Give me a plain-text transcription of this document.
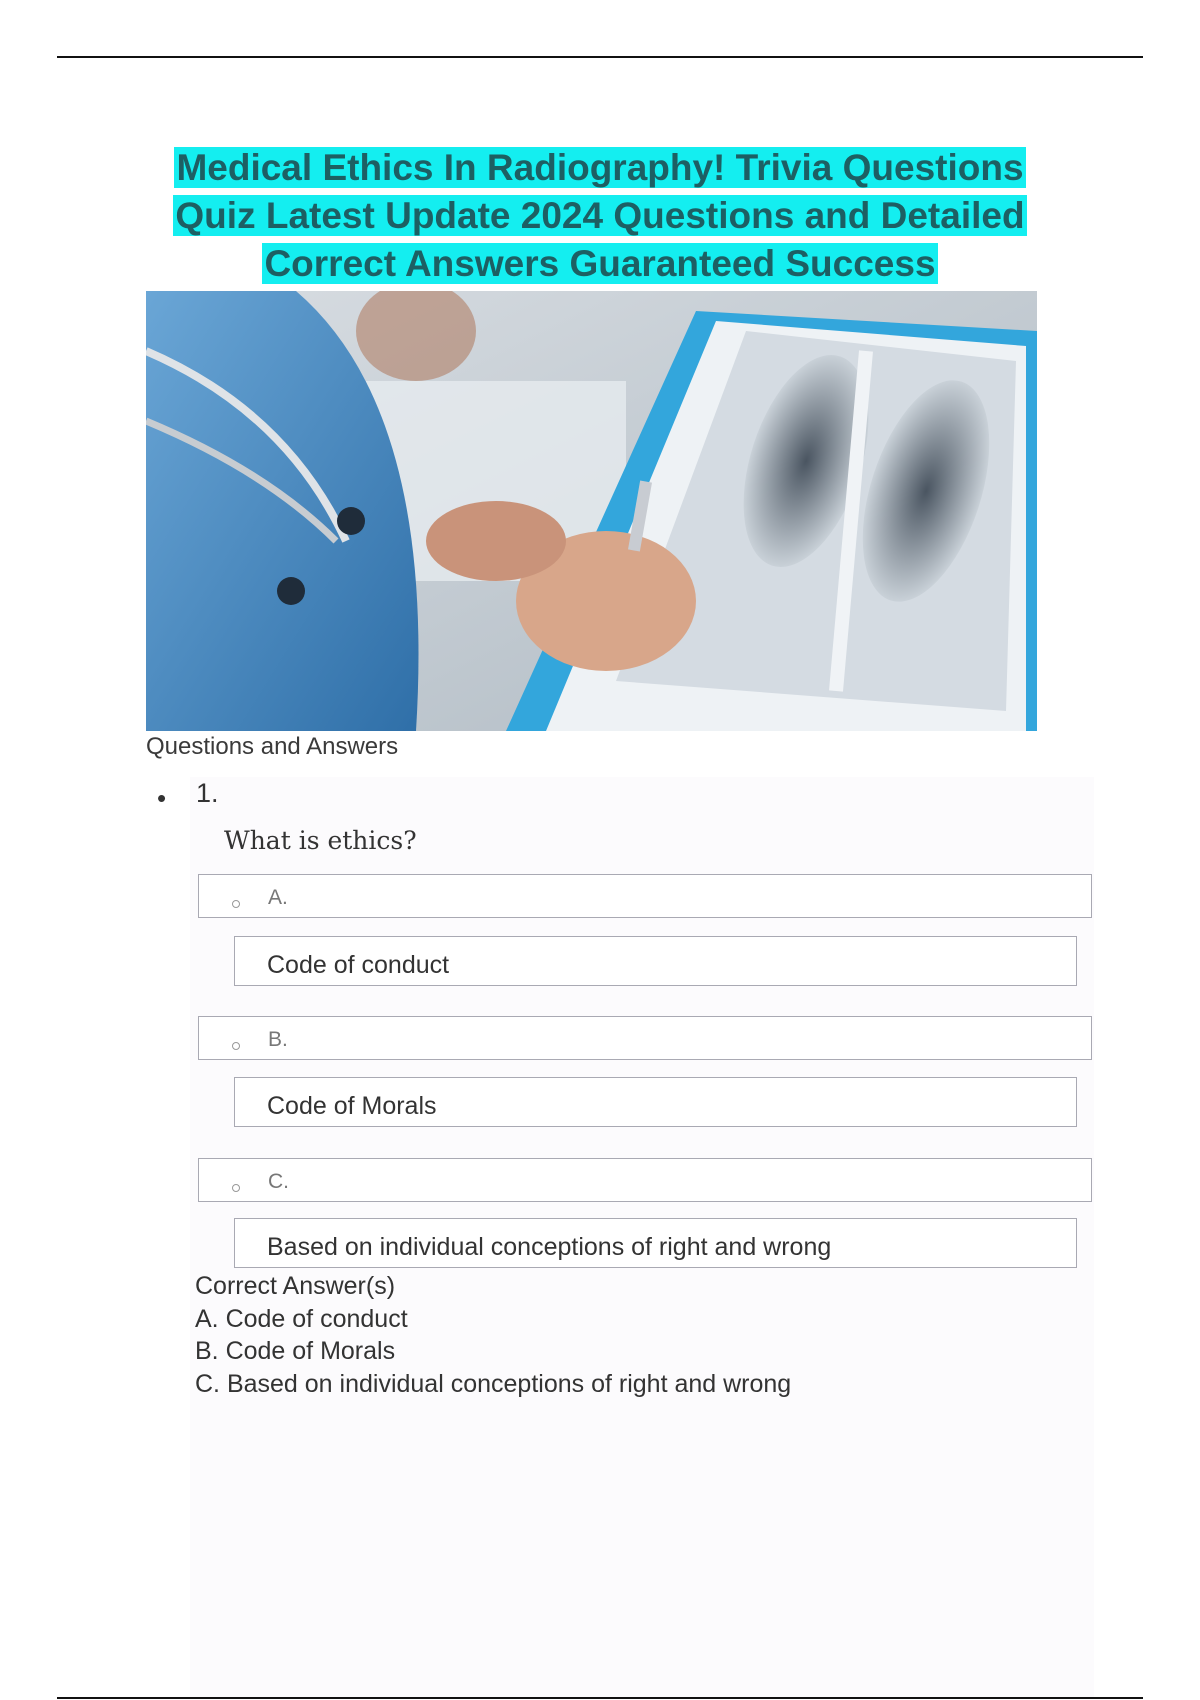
Medical Ethics In Radiography! Trivia Questions
Quiz Latest Update 2024 Questions and Detailed
Correct Answers Guaranteed Success
Questions and Answers
• 1.
What is ethics?
A.
Code of conduct
B.
Code of Morals
C.
Based on individual conceptions of right and wrong
Correct Answer(s)
A. Code of conduct
B. Code of Morals
C. Based on individual conceptions of right and wrong
